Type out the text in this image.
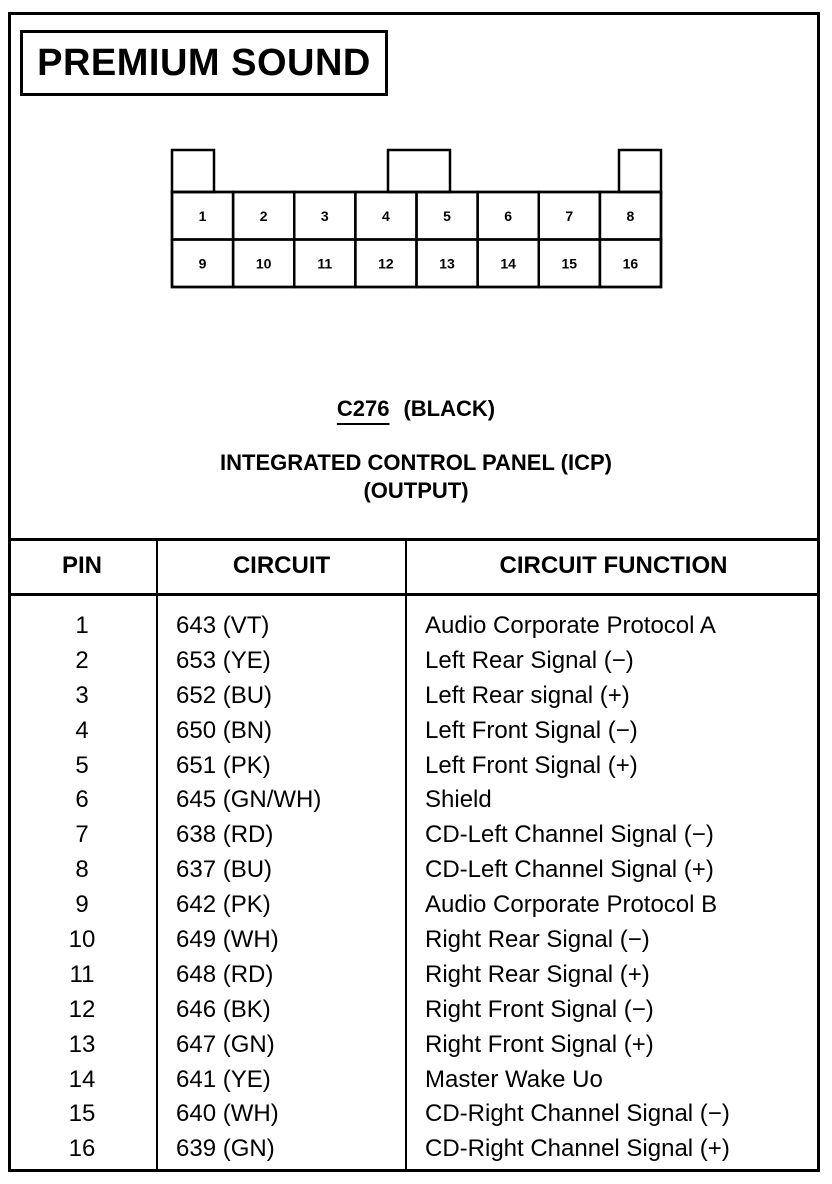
PREMIUM SOUND
1	2	3	4	5	6	7	8
9	10	11	12	13	14	15	16
C276 (BLACK)
INTEGRATED CONTROL PANEL (ICP)
(OUTPUT)
PIN	CIRCUIT	CIRCUIT FUNCTION
1	643 (VT)	Audio Corporate Protocol A
2	653 (YE)	Left Rear Signal (−)
3	652 (BU)	Left Rear signal (+)
4	650 (BN)	Left Front Signal (−)
5	651 (PK)	Left Front Signal (+)
6	645 (GN/WH)	Shield
7	638 (RD)	CD-Left Channel Signal (−)
8	637 (BU)	CD-Left Channel Signal (+)
9	642 (PK)	Audio Corporate Protocol B
10	649 (WH)	Right Rear Signal (−)
11	648 (RD)	Right Rear Signal (+)
12	646 (BK)	Right Front Signal (−)
13	647 (GN)	Right Front Signal (+)
14	641 (YE)	Master Wake Uo
15	640 (WH)	CD-Right Channel Signal (−)
16	639 (GN)	CD-Right Channel Signal (+)
